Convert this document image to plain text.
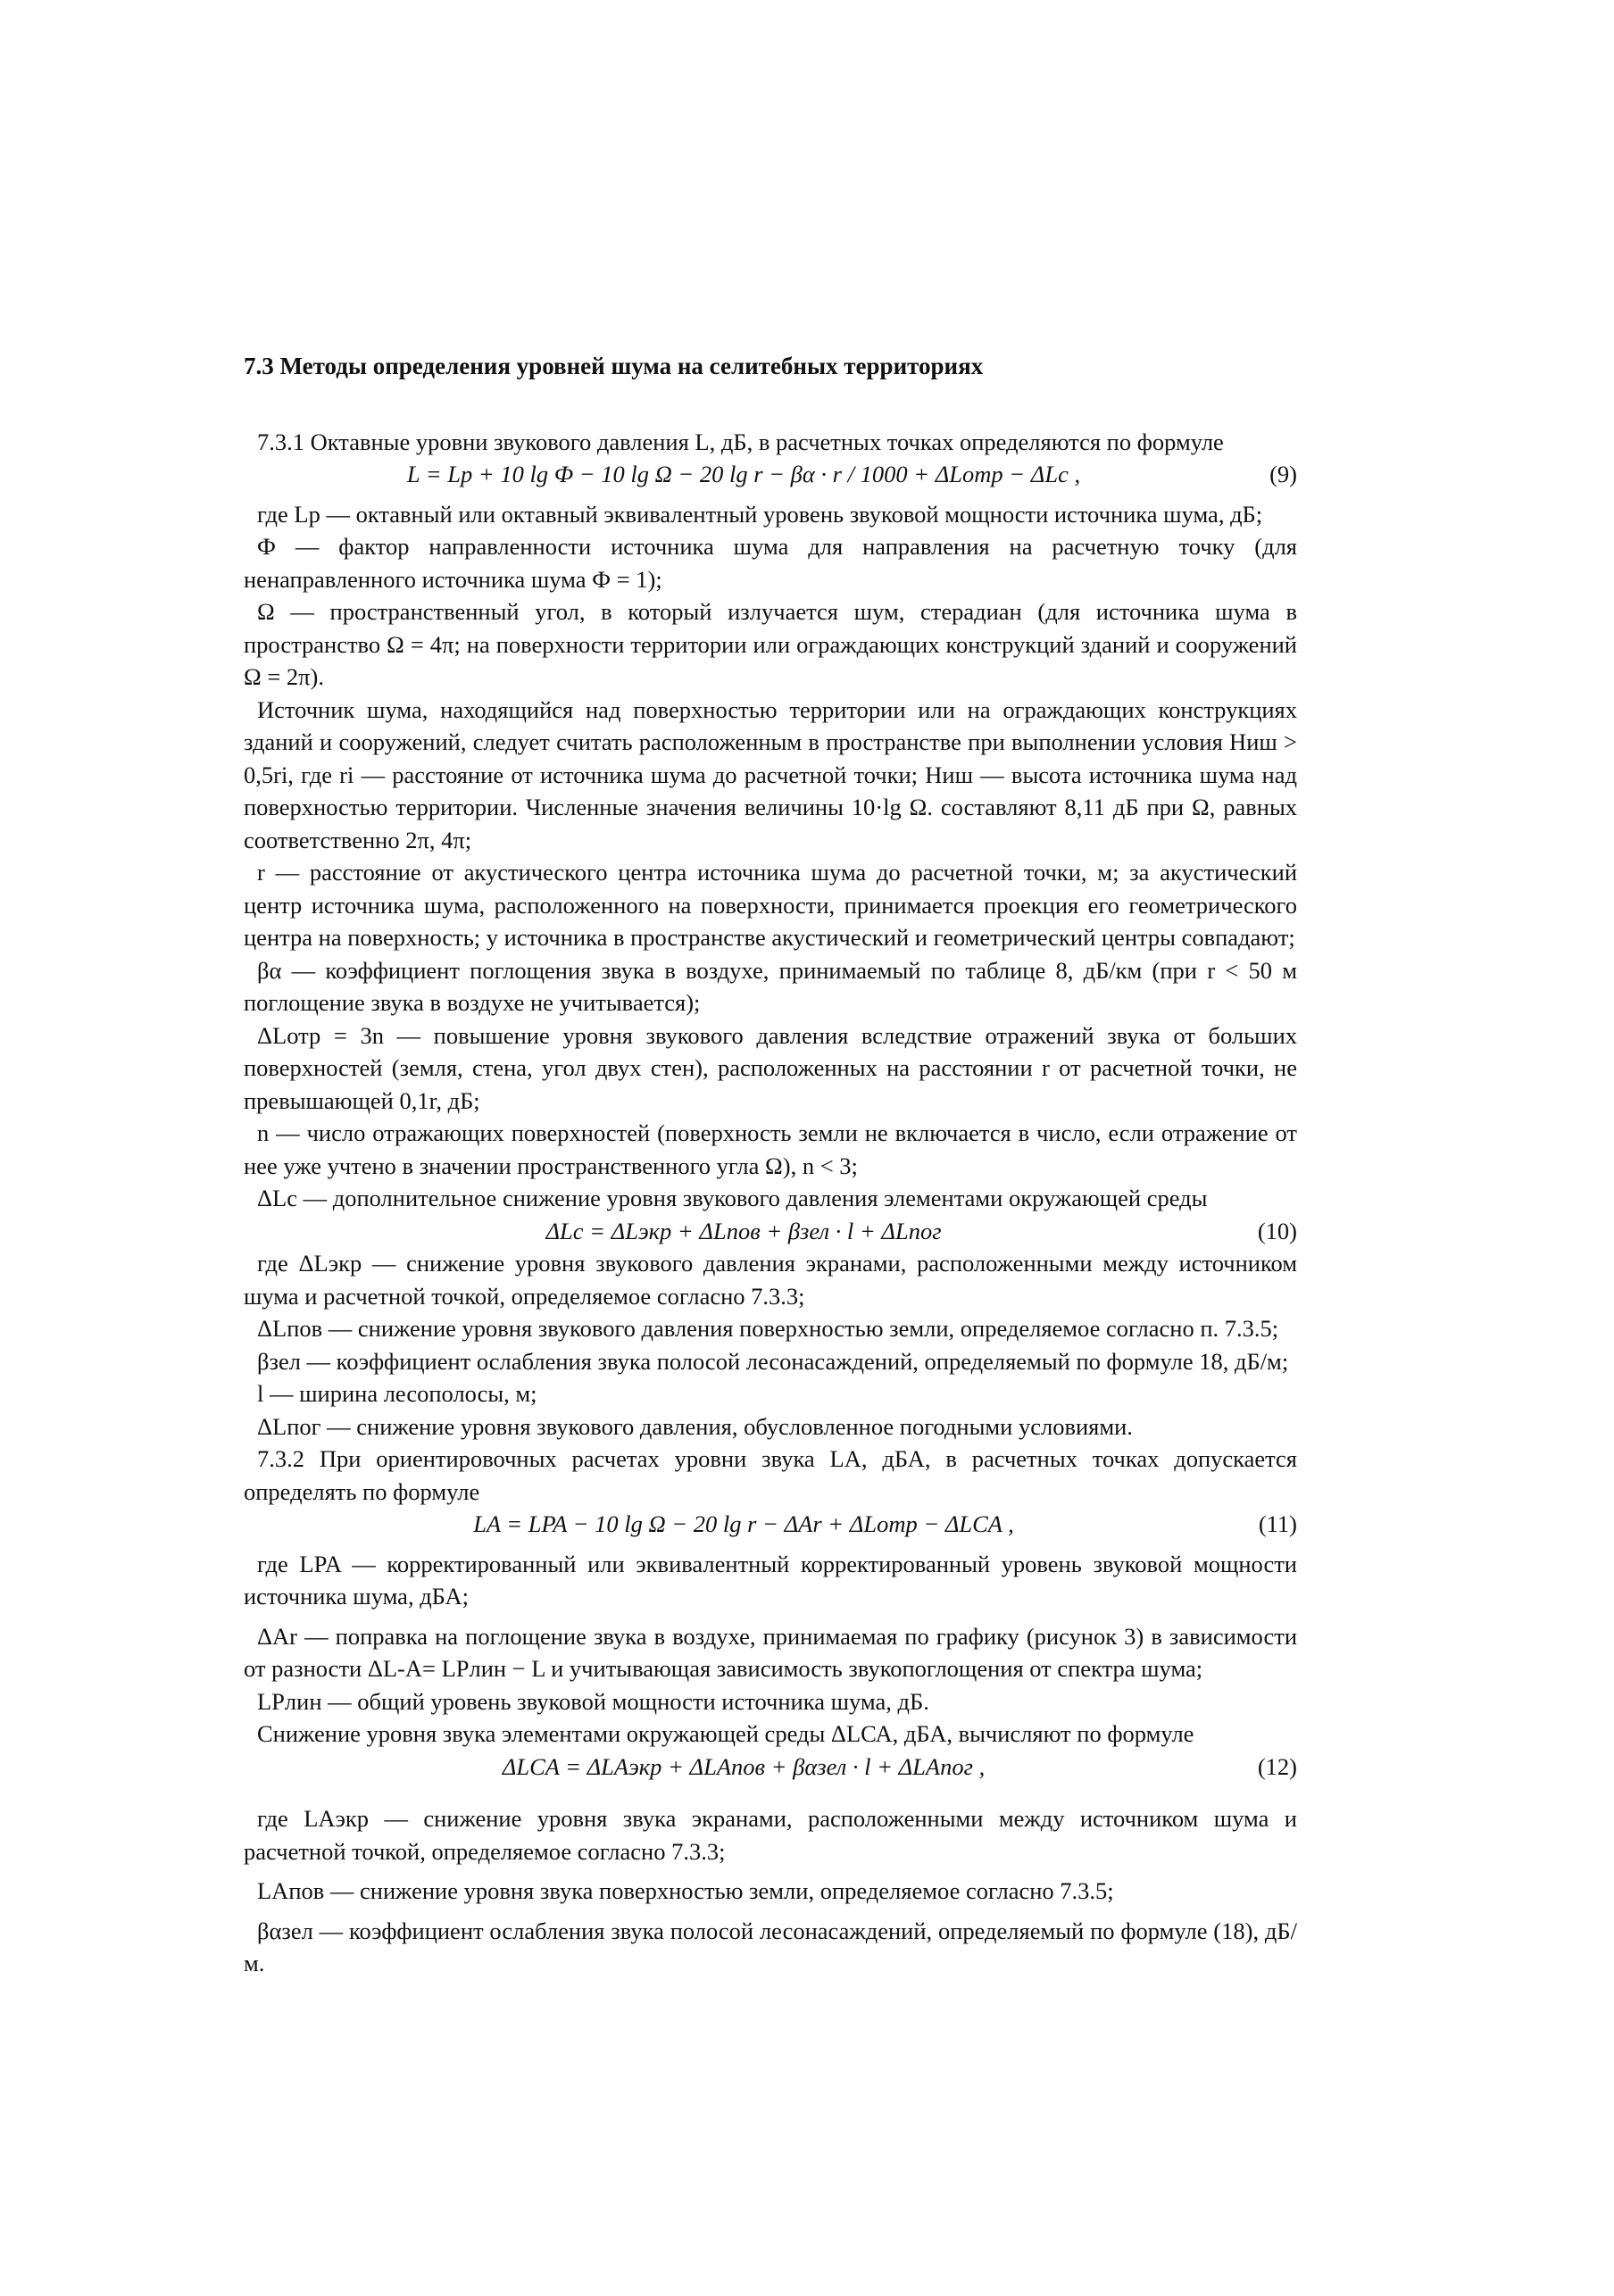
7.3 Методы определения уровней шума на селитебных территориях

7.3.1 Октавные уровни звукового давления L, дБ, в расчетных точках определяются по формуле

L = Lр + 10 lg Ф − 10 lg Ω − 20 lg r − βα · r / 1000 + ΔLотр − ΔLс ,	(9)

где Lр — октавный или октавный эквивалентный уровень звуковой мощности источника шума, дБ;

Ф — фактор направленности источника шума для направления на расчетную точку (для ненаправленного источника шума Ф = 1);

Ω — пространственный угол, в который излучается шум, стерадиан (для источника шума в пространство Ω = 4π; на поверхности территории или ограждающих конструкций зданий и сооружений Ω = 2π).

Источник шума, находящийся над поверхностью территории или на ограждающих конструкциях зданий и сооружений, следует считать расположенным в пространстве при выполнении условия Hиш > 0,5ri, где ri — расстояние от источника шума до расчетной точки; Hиш — высота источника шума над поверхностью территории. Численные значения величины 10·lg Ω. составляют 8,11 дБ при Ω, равных соответственно 2π, 4π;

r — расстояние от акустического центра источника шума до расчетной точки, м; за акустический центр источника шума, расположенного на поверхности, принимается проекция его геометрического центра на поверхность; у источника в пространстве акустический и геометрический центры совпадают;

βα — коэффициент поглощения звука в воздухе, принимаемый по таблице 8, дБ/км (при r < 50 м поглощение звука в воздухе не учитывается);

ΔLотр = 3n — повышение уровня звукового давления вследствие отражений звука от больших поверхностей (земля, стена, угол двух стен), расположенных на расстоянии r от расчетной точки, не превышающей 0,1r, дБ;

n — число отражающих поверхностей (поверхность земли не включается в число, если отражение от нее уже учтено в значении пространственного угла Ω), n < 3;

ΔLс — дополнительное снижение уровня звукового давления элементами окружающей среды

ΔLс = ΔLэкр + ΔLпов + βзел · l + ΔLпог	(10)

где ΔLэкр — снижение уровня звукового давления экранами, расположенными между источником шума и расчетной точкой, определяемое согласно 7.3.3;

ΔLпов — снижение уровня звукового давления поверхностью земли, определяемое согласно п. 7.3.5;

βзел — коэффициент ослабления звука полосой лесонасаждений, определяемый по формуле 18, дБ/м;

l — ширина лесополосы, м;

ΔLпог — снижение уровня звукового давления, обусловленное погодными условиями.

7.3.2 При ориентировочных расчетах уровни звука LA, дБА, в расчетных точках допускается определять по формуле

LA = LPA − 10 lg Ω − 20 lg r − ΔAr + ΔLотр − ΔLCA ,	(11)

где LPA — корректированный или эквивалентный корректированный уровень звуковой мощности источника шума, дБА;

ΔAr — поправка на поглощение звука в воздухе, принимаемая по графику (рисунок 3) в зависимости от разности ΔL-A= LPлин − L и учитывающая зависимость звукопоглощения от спектра шума;

LPлин — общий уровень звуковой мощности источника шума, дБ.

Снижение уровня звука элементами окружающей среды ΔLСА, дБА, вычисляют по формуле

ΔLCA = ΔLAэкр + ΔLAпов + βαзел · l + ΔLAпог ,	(12)

где LAэкр — снижение уровня звука экранами, расположенными между источником шума и расчетной точкой, определяемое согласно 7.3.3;

LAпов — снижение уровня звука поверхностью земли, определяемое согласно 7.3.5;

βαзел — коэффициент ослабления звука полосой лесонасаждений, определяемый по формуле (18), дБ/м.
